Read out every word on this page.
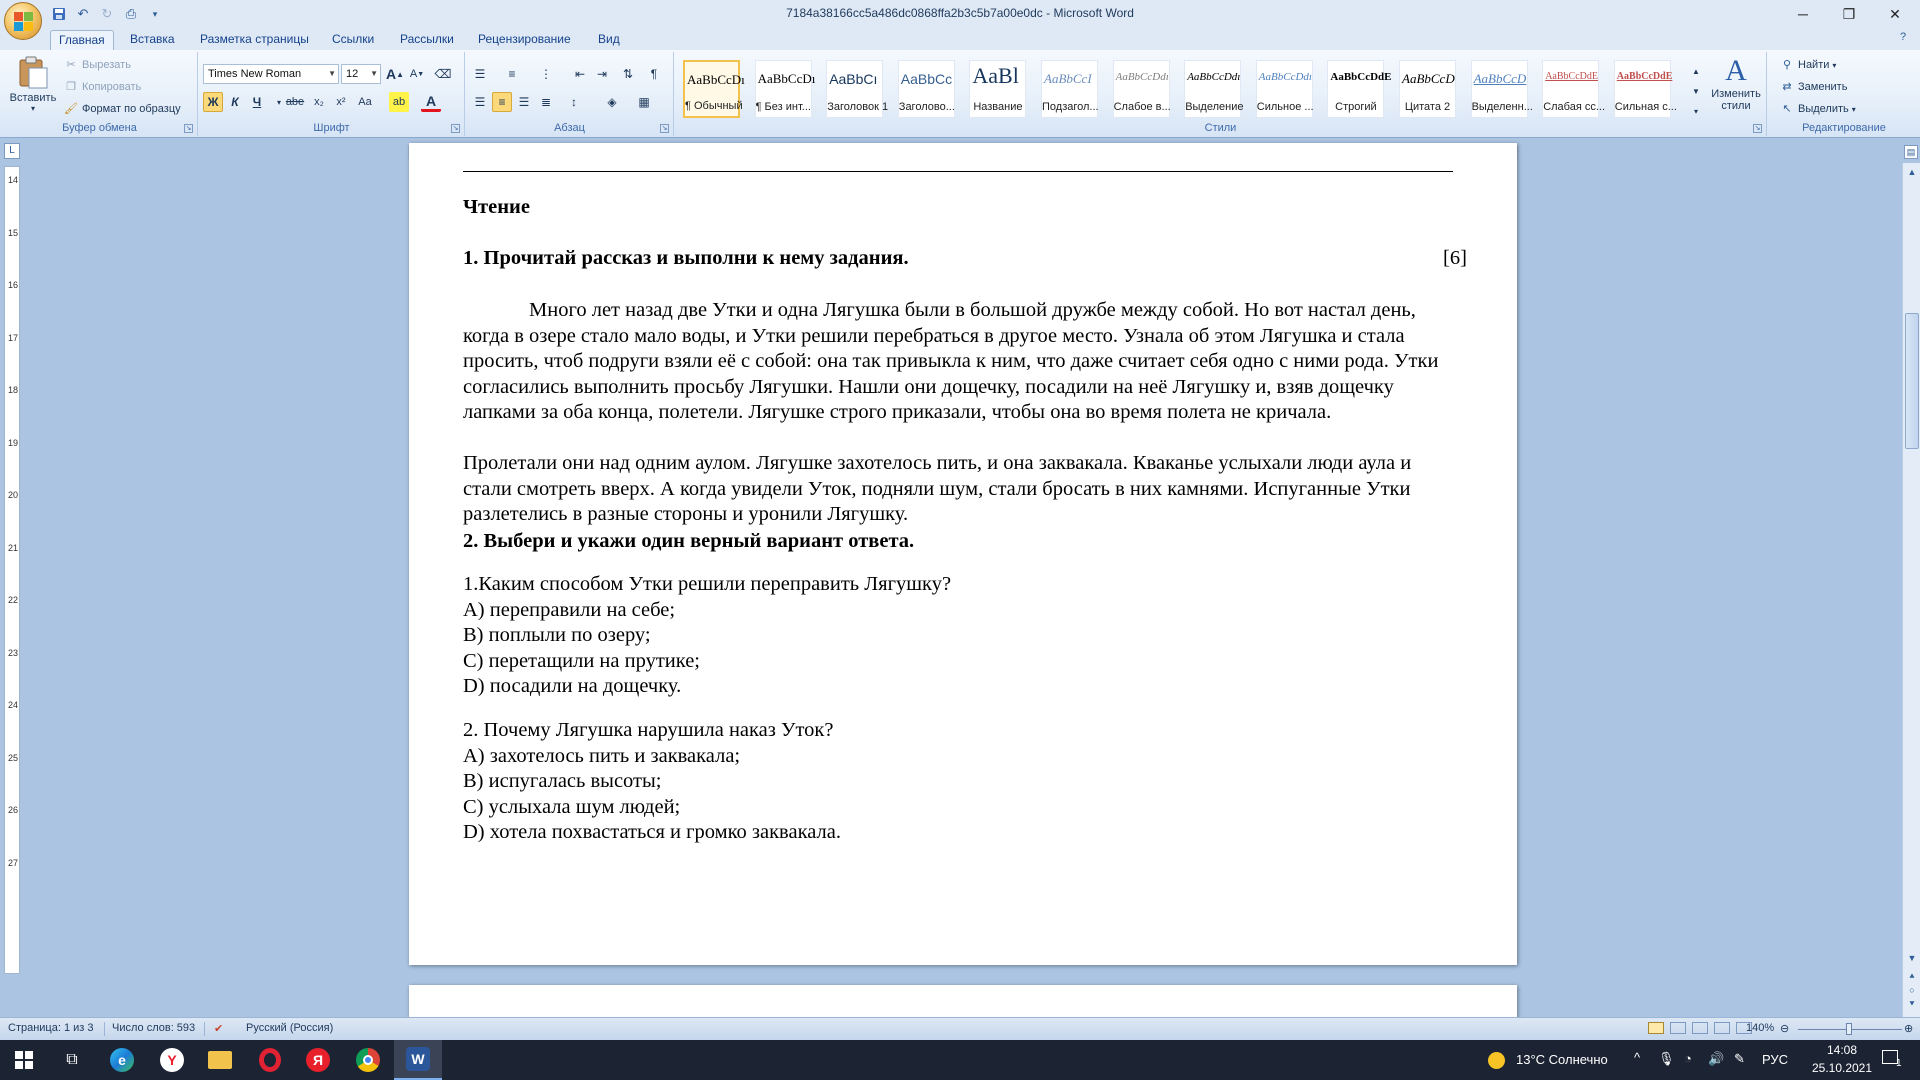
↶ ↻ ⎙	▾	7184a38166cc5a486dc0868ffa2b3c5b7a00e0dc - Microsoft Word	─	❐	✕
Главная	Вставка	Разметка страницы	Ссылки	Рассылки	Рецензирование	Вид	?
Вставить
▾
✂ Вырезать
❐ Копировать
🖌 Формат по образцу
Буфер обмена	↘
Times New Roman	▼ 12 ▼ A ▲ A ▼ ⌫
Ж	К	Ч	▾ abe x₂	x²	Aa ab A
Шрифт	↘
☰ ≡ ⋮ ⇤ ⇥ ⇅ ¶
☰ ≡ ☰ ≣ ↕	◈ ▦
Абзац	↘
AaBbCcDı
¶ Обычный
AaBbCcDı
¶ Без инт...
AaBbCı
Заголовок 1
AaBbCc
Заголово...
AaBl
Название
AaBbCcI
Подзагол...
AaBbCcDdı
Слабое в...
AaBbCcDdı
Выделение
AaBbCcDdı
Сильное ...
AaBbCcDdE
Строгий
AaBbCcD
Цитата 2
AaBbCcD
Выделенн...
AaBbCcDdE
Слабая сс...
AaBbCcDdE
Сильная с...
▲
▼
▾
A
Изменить стили
Стили	↘
⚲ Найти ▾
⇄ Заменить
↖ Выделить ▾
Редактирование
L	▤
14
15
16
17
18
19
20
21
22
23
24
25
26
27
Чтение
1. Прочитай рассказ и выполни к нему задания.	[6]
Много лет назад две Утки и одна Лягушка были в большой дружбе между собой. Но вот настал день, когда в озере стало мало воды, и Утки решили перебраться в другое место. Узнала об этом Лягушка и стала просить, чтоб подруги взяли её с собой: она так привыкла к ним, что даже считает себя одно с ними рода. Утки согласились выполнить просьбу Лягушки. Нашли они дощечку, посадили на неё Лягушку и, взяв дощечку лапками за оба конца, полетели. Лягушке строго приказали, чтобы она во время полета не кричала.
Пролетали они над одним аулом. Лягушке захотелось пить, и она заквакала. Кваканье услыхали люди аула и стали смотреть вверх. А когда увидели Уток, подняли шум, стали бросать в них камнями. Испуганные Утки разлетелись в разные стороны и уронили Лягушку.
2. Выбери и укажи один верный вариант ответа.
1.Каким способом Утки решили переправить Лягушку?
А) переправили на себе;
В) поплыли по озеру;
С) перетащили на прутике;
D) посадили на дощечку.
2. Почему Лягушка нарушила наказ Уток?
А) захотелось пить и заквакала;
В) испугалась высоты;
С) услыхала шум людей;
D) хотела похвастаться и громко заквакала.
▲
▼
⯅
○
⯆
Страница: 1 из 3 Число слов: 593 ✔ Русский (Россия)
	140% ⊖	⊕
⧉	e	Y	Я	W	13°C Солнечно ^ 🎙 ◔ 🔊 ✎ РУС
14:08
25.10.2021	1
